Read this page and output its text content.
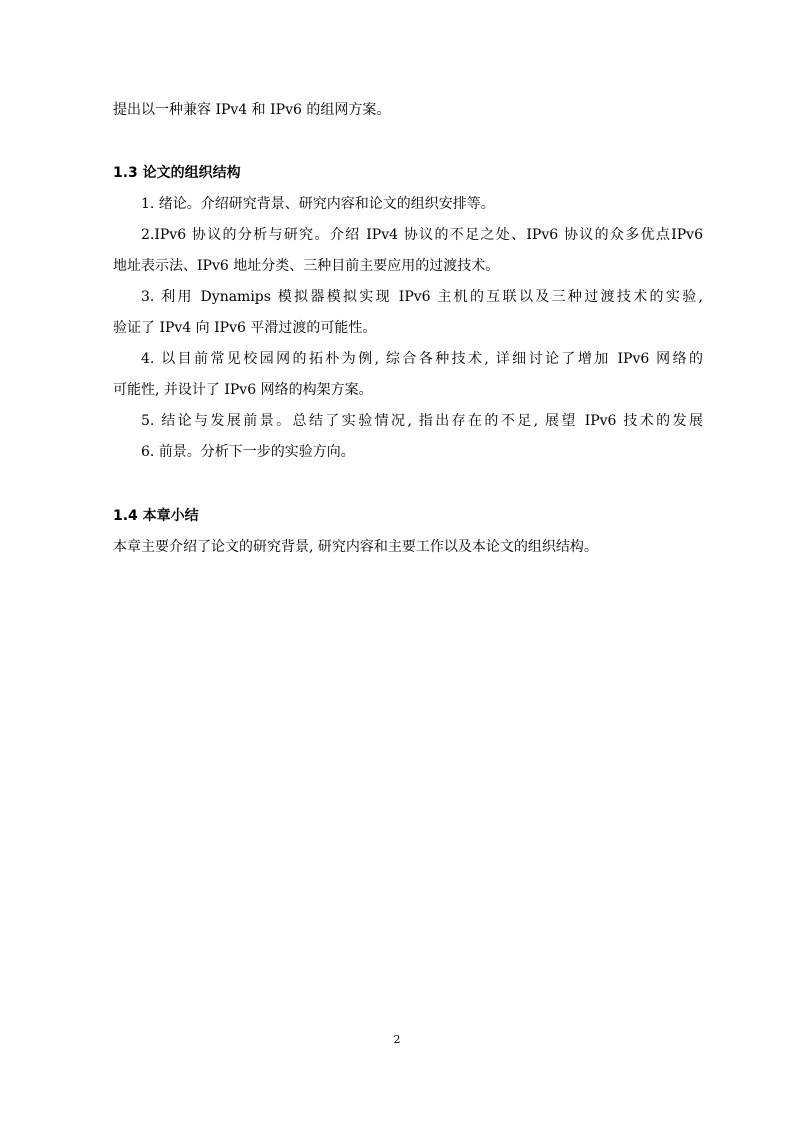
提出以一种兼容 IPv4 和 IPv6 的组网方案。
1.3 论文的组织结构
1. 绪论。介绍研究背景、研究内容和论文的组织安排等。
2.IPv6 协议的分析与研究。介绍 IPv4 协议的不足之处、IPv6 协议的众多优点IPv6
地址表示法、IPv6 地址分类、三种目前主要应用的过渡技术。
3. 利用 Dynamips 模拟器模拟实现 IPv6 主机的互联以及三种过渡技术的实验,
验证了 IPv4 向 IPv6 平滑过渡的可能性。
4. 以目前常见校园网的拓朴为例, 综合各种技术, 详细讨论了增加 IPv6 网络的
可能性, 并设计了 IPv6 网络的构架方案。
5. 结论与发展前景。总结了实验情况, 指出存在的不足, 展望 IPv6 技术的发展
6. 前景。分析下一步的实验方向。
1.4 本章小结
本章主要介绍了论文的研究背景, 研究内容和主要工作以及本论文的组织结构。
2
